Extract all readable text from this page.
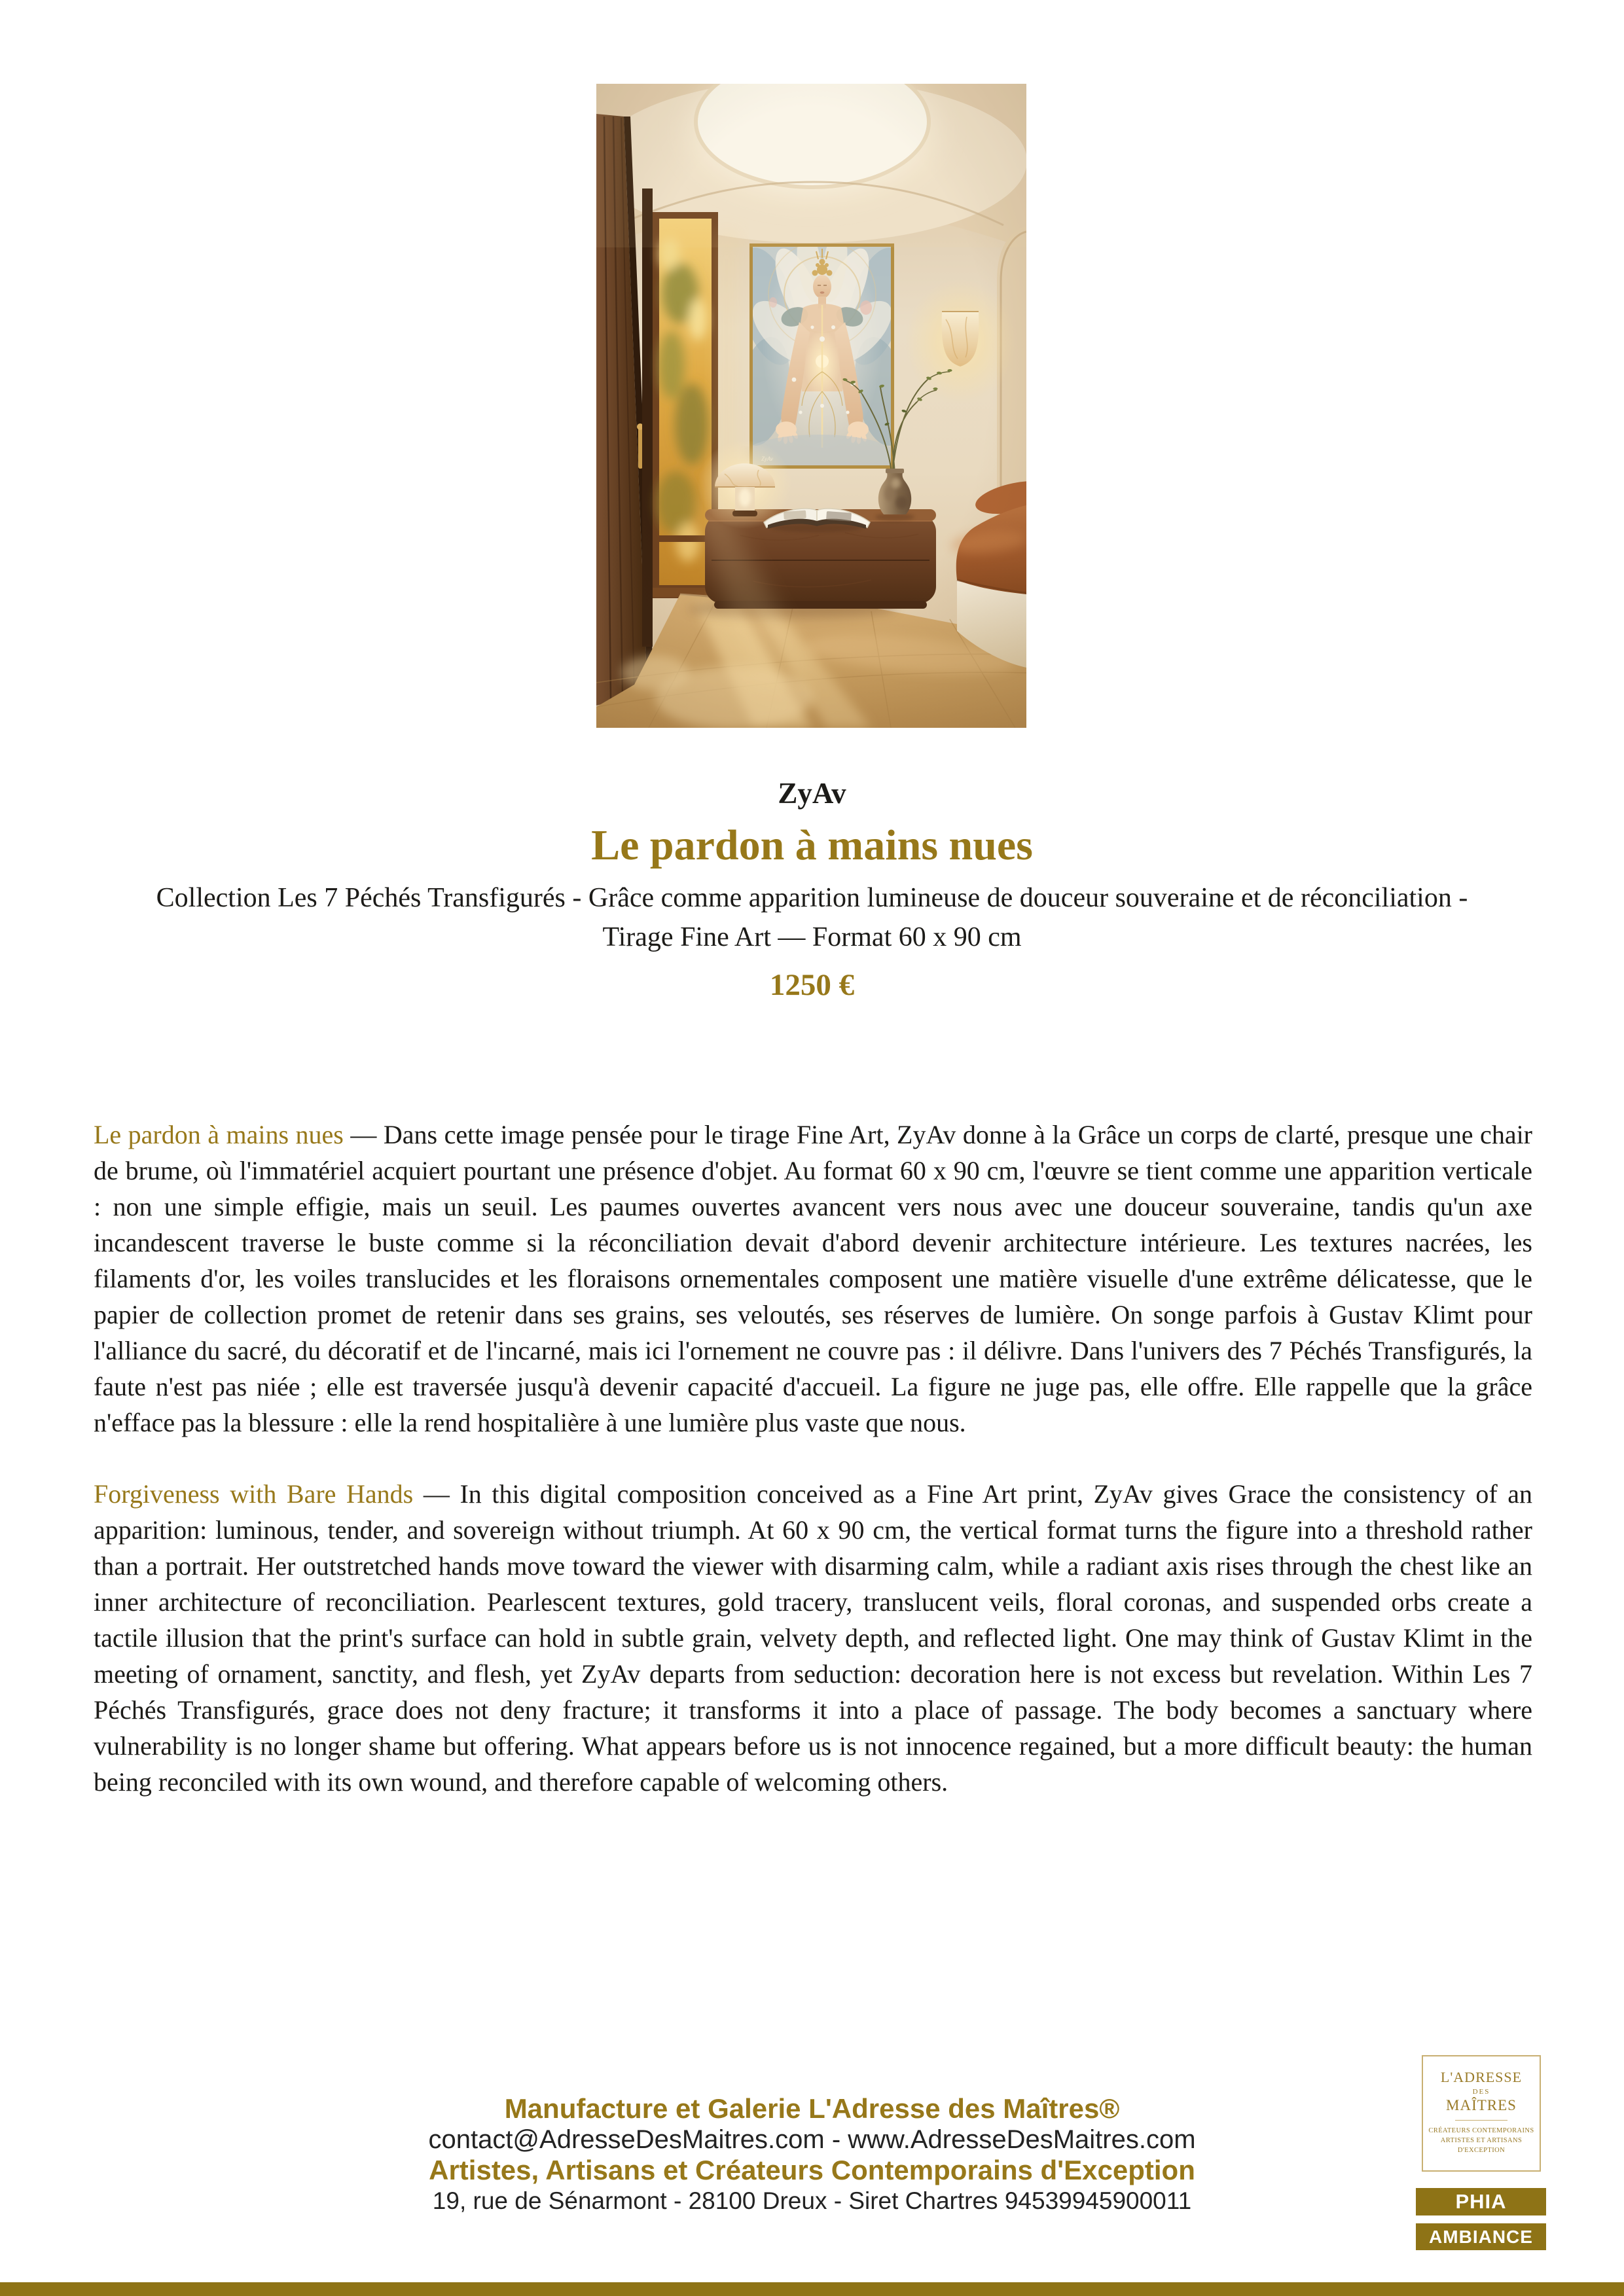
ZyAv
Le pardon à mains nues
Collection Les 7 Péchés Transfigurés - Grâce comme apparition lumineuse de douceur souveraine et de réconciliation - Tirage Fine Art — Format 60 x 90 cm
1250 €

Le pardon à mains nues — Dans cette image pensée pour le tirage Fine Art, ZyAv donne à la Grâce un corps de clarté, presque une chair de brume, où l'immatériel acquiert pourtant une présence d'objet. Au format 60 x 90 cm, l'œuvre se tient comme une apparition verticale : non une simple effigie, mais un seuil. Les paumes ouvertes avancent vers nous avec une douceur souveraine, tandis qu'un axe incandescent traverse le buste comme si la réconciliation devait d'abord devenir architecture intérieure. Les textures nacrées, les filaments d'or, les voiles translucides et les floraisons ornementales composent une matière visuelle d'une extrême délicatesse, que le papier de collection promet de retenir dans ses grains, ses veloutés, ses réserves de lumière. On songe parfois à Gustav Klimt pour l'alliance du sacré, du décoratif et de l'incarné, mais ici l'ornement ne couvre pas : il délivre. Dans l'univers des 7 Péchés Transfigurés, la faute n'est pas niée ; elle est traversée jusqu'à devenir capacité d'accueil. La figure ne juge pas, elle offre. Elle rappelle que la grâce n'efface pas la blessure : elle la rend hospitalière à une lumière plus vaste que nous.

Forgiveness with Bare Hands — In this digital composition conceived as a Fine Art print, ZyAv gives Grace the consistency of an apparition: luminous, tender, and sovereign without triumph. At 60 x 90 cm, the vertical format turns the figure into a threshold rather than a portrait. Her outstretched hands move toward the viewer with disarming calm, while a radiant axis rises through the chest like an inner architecture of reconciliation. Pearlescent textures, gold tracery, translucent veils, floral coronas, and suspended orbs create a tactile illusion that the print's surface can hold in subtle grain, velvety depth, and reflected light. One may think of Gustav Klimt in the meeting of ornament, sanctity, and flesh, yet ZyAv departs from seduction: decoration here is not excess but revelation. Within Les 7 Péchés Transfigurés, grace does not deny fracture; it transforms it into a place of passage. The body becomes a sanctuary where vulnerability is no longer shame but offering. What appears before us is not innocence regained, but a more difficult beauty: the human being reconciled with its own wound, and therefore capable of welcoming others.

Manufacture et Galerie L'Adresse des Maîtres®
contact@AdresseDesMaitres.com - www.AdresseDesMaitres.com
Artistes, Artisans et Créateurs Contemporains d'Exception
19, rue de Sénarmont - 28100 Dreux - Siret Chartres 94539945900011
L'ADRESSE
DES
MAÎTRES
CRÉATEURS CONTEMPORAINS
ARTISTES ET ARTISANS
D'EXCEPTION
PHIA
AMBIANCE
